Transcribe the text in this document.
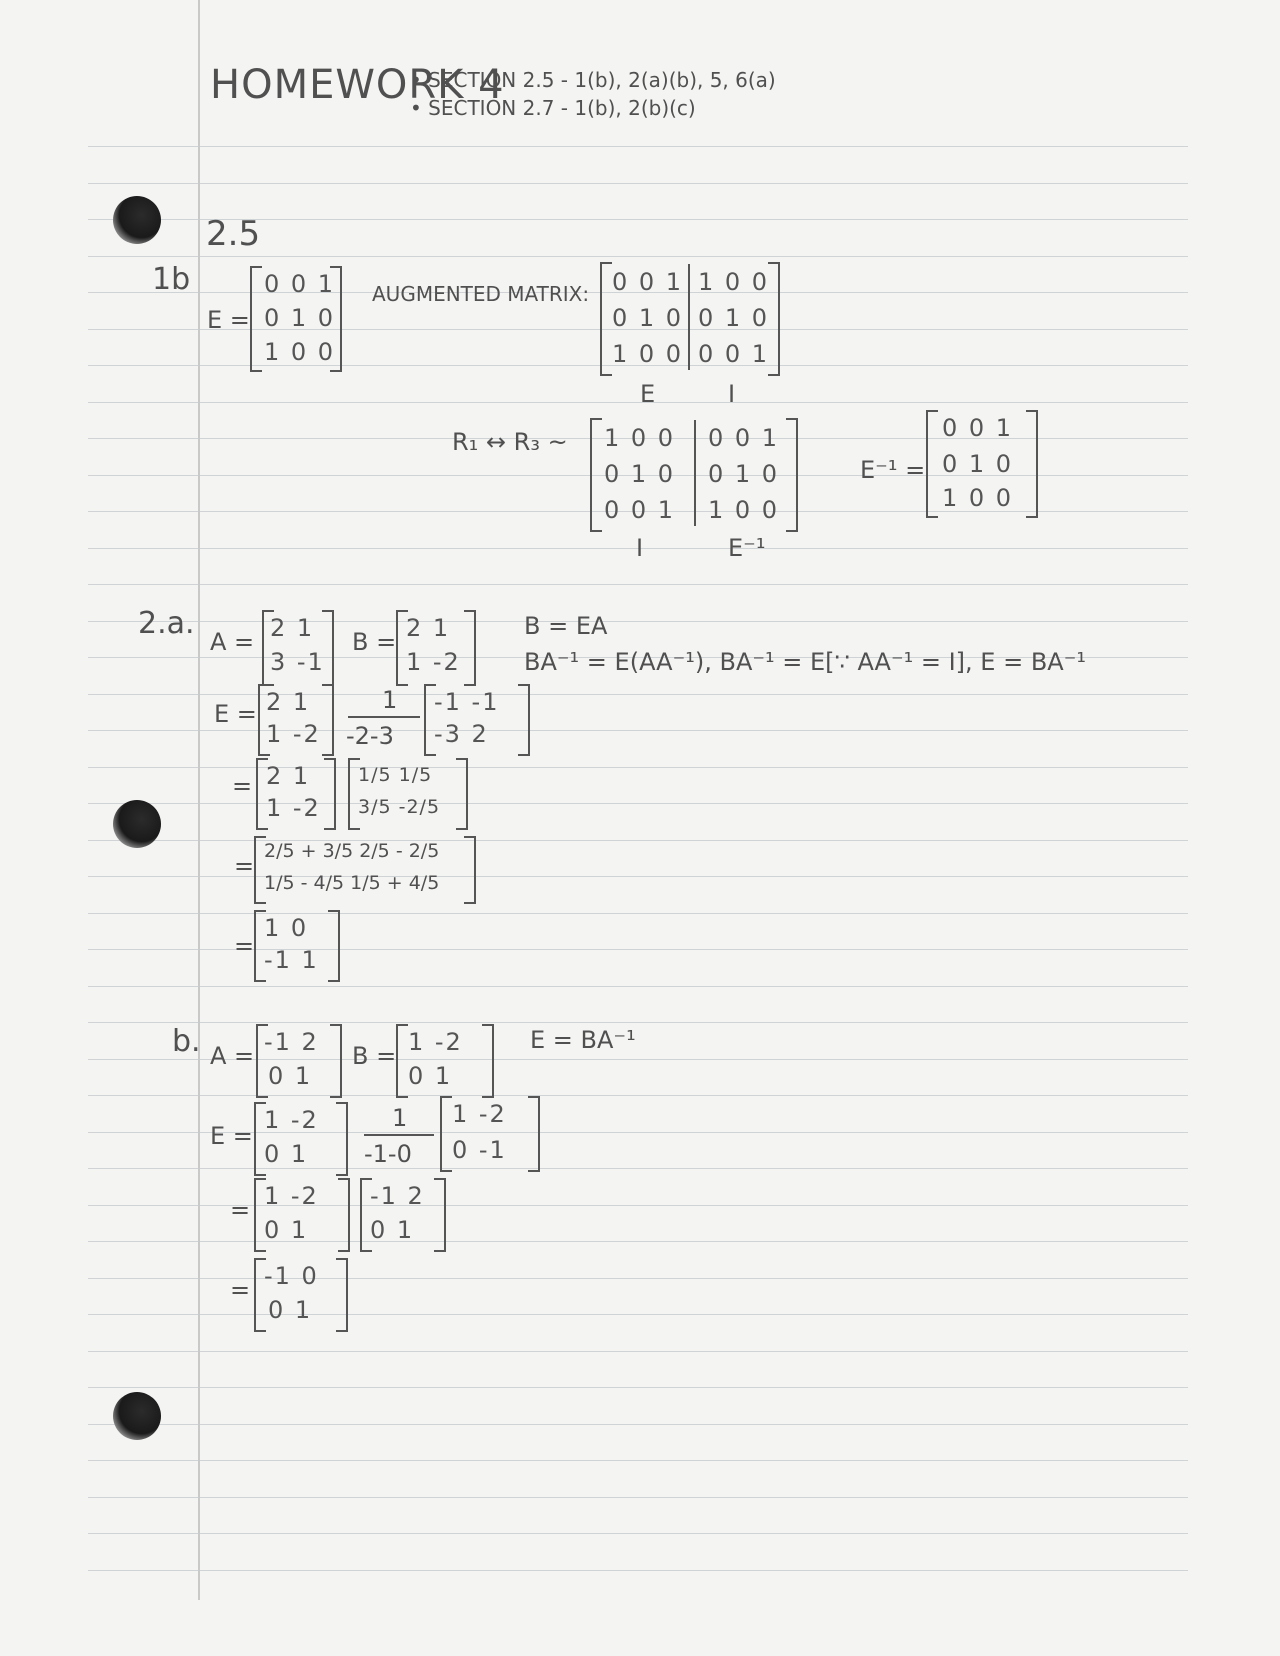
HOMEWORK 4
• SECTION 2.5 - 1(b), 2(a)(b), 5, 6(a)
• SECTION 2.7 - 1(b), 2(b)(c)
2.5
1b
E =
0 0 1
0 1 0
1 0 0
AUGMENTED MATRIX: 0 0 1
0 1 0
1 0 0
1 0 0
0 1 0
0 0 1
E	I
R₁ ↔ R₃ ~ 1 0 0
0 1 0
0 0 1
0 0 1
0 1 0
1 0 0
I	E⁻¹
E⁻¹ =
0 0 1
0 1 0
1 0 0
2.a.
A = 2 1
3 -1
B = 2 1
1 -2
B = EA
BA⁻¹ = E(AA⁻¹), BA⁻¹ = E[∵ AA⁻¹ = I], E = BA⁻¹
E = 2 1
1 -2
1
-2-3
-1 -1
-3 2
= 2 1
1 -2
1/5 1/5
3/5 -2/5
=
2/5 + 3/5 2/5 - 2/5
1/5 - 4/5 1/5 + 4/5
=
1 0
-1 1
b. A = -1 2
0 1
B = 1 -2
0 1
E = BA⁻¹
E =
1 -2
0 1
1
-1-0
1 -2
0 -1
= 1 -2
0 1
-1 2
0 1
= -1 0
0 1
